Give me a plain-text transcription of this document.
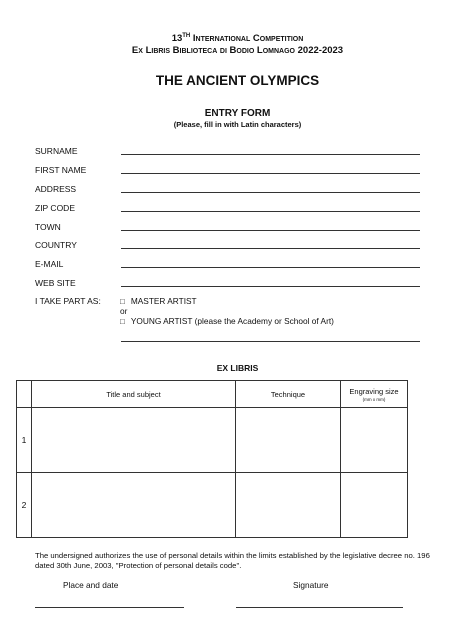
13TH International Competition
Ex Libris Biblioteca di Bodio Lomnago 2022-2023
THE ANCIENT OLYMPICS
ENTRY FORM
(Please, fill in with Latin characters)
SURNAME
FIRST NAME
ADDRESS
ZIP CODE
TOWN
COUNTRY
E-MAIL
WEB SITE
I TAKE PART AS: □ MASTER ARTIST
or
□ YOUNG ARTIST (please the Academy or School of Art)
EX LIBRIS
	Title and subject	Technique	Engraving size
(mm x mm)

1			
2			
The undersigned authorizes the use of personal details within the limits established by the legislative decree no. 196 dated 30th June, 2003, "Protection of personal details code".
Place and date	Signature
